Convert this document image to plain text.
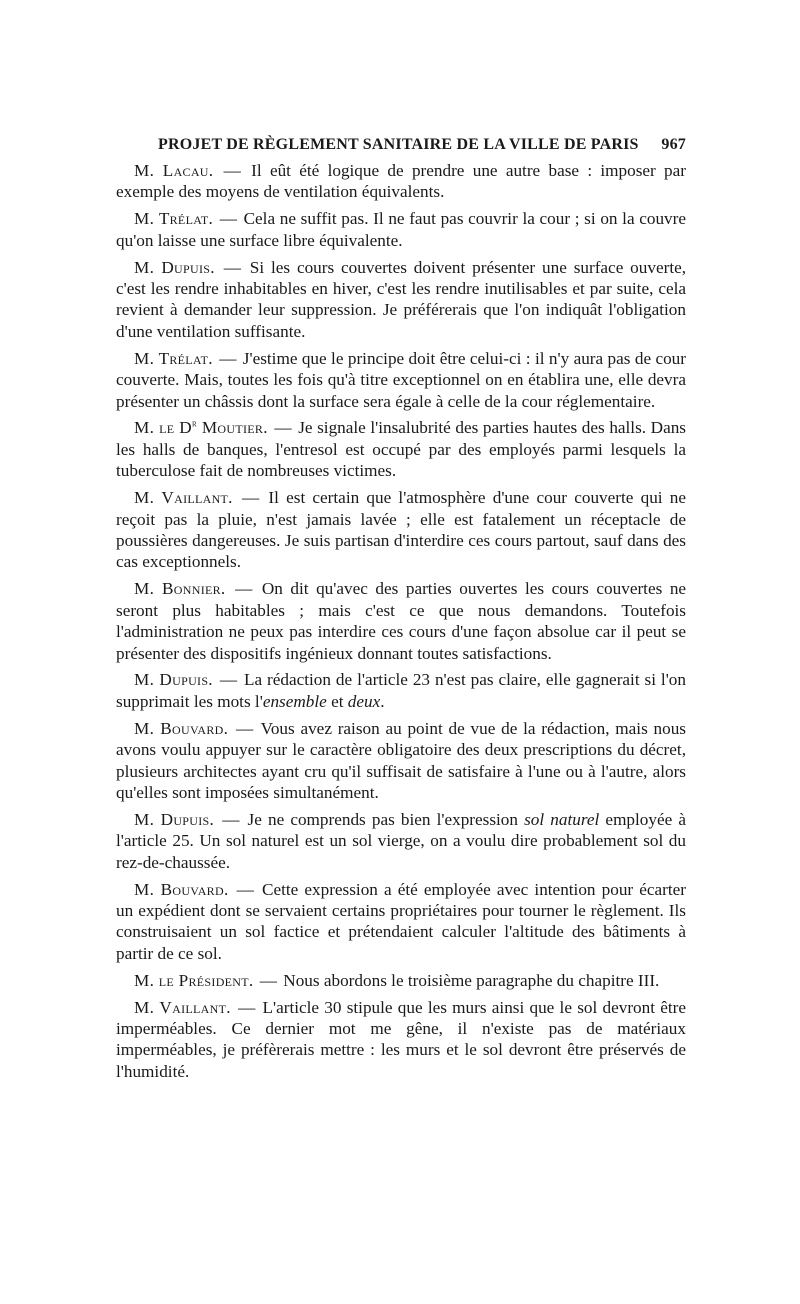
PROJET DE RÈGLEMENT SANITAIRE DE LA VILLE DE PARIS 967

M. Lacau. — Il eût été logique de prendre une autre base : imposer par exemple des moyens de ventilation équivalents.

M. Trélat. — Cela ne suffit pas. Il ne faut pas couvrir la cour ; si on la couvre qu'on laisse une surface libre équivalente.

M. Dupuis. — Si les cours couvertes doivent présenter une surface ouverte, c'est les rendre inhabitables en hiver, c'est les rendre inutilisables et par suite, cela revient à demander leur suppression. Je préférerais que l'on indiquât l'obligation d'une ventilation suffisante.

M. Trélat. — J'estime que le principe doit être celui-ci : il n'y aura pas de cour couverte. Mais, toutes les fois qu'à titre exceptionnel on en établira une, elle devra présenter un châssis dont la surface sera égale à celle de la cour réglementaire.

M. le $D^r$ Moutier. — Je signale l'insalubrité des parties hautes des halls. Dans les halls de banques, l'entresol est occupé par des employés parmi lesquels la tuberculose fait de nombreuses victimes.

M. Vaillant. — Il est certain que l'atmosphère d'une cour couverte qui ne reçoit pas la pluie, n'est jamais lavée ; elle est fatalement un réceptacle de poussières dangereuses. Je suis partisan d'interdire ces cours partout, sauf dans des cas exceptionnels.

M. Bonnier. — On dit qu'avec des parties ouvertes les cours couvertes ne seront plus habitables ; mais c'est ce que nous demandons. Toutefois l'administration ne peux pas interdire ces cours d'une façon absolue car il peut se présenter des dispositifs ingénieux donnant toutes satisfactions.

M. Dupuis. — La rédaction de l'article 23 n'est pas claire, elle gagnerait si l'on supprimait les mots l'ensemble et deux.

M. Bouvard. — Vous avez raison au point de vue de la rédaction, mais nous avons voulu appuyer sur le caractère obligatoire des deux prescriptions du décret, plusieurs architectes ayant cru qu'il suffisait de satisfaire à l'une ou à l'autre, alors qu'elles sont imposées simultanément.

M. Dupuis. — Je ne comprends pas bien l'expression sol naturel employée à l'article 25. Un sol naturel est un sol vierge, on a voulu dire probablement sol du rez-de-chaussée.

M. Bouvard. — Cette expression a été employée avec intention pour écarter un expédient dont se servaient certains propriétaires pour tourner le règlement. Ils construisaient un sol factice et prétendaient calculer l'altitude des bâtiments à partir de ce sol.

M. le Président. — Nous abordons le troisième paragraphe du chapitre III.

M. Vaillant. — L'article 30 stipule que les murs ainsi que le sol devront être imperméables. Ce dernier mot me gêne, il n'existe pas de matériaux imperméables, je préfèrerais mettre : les murs et le sol devront être préservés de l'humidité.
